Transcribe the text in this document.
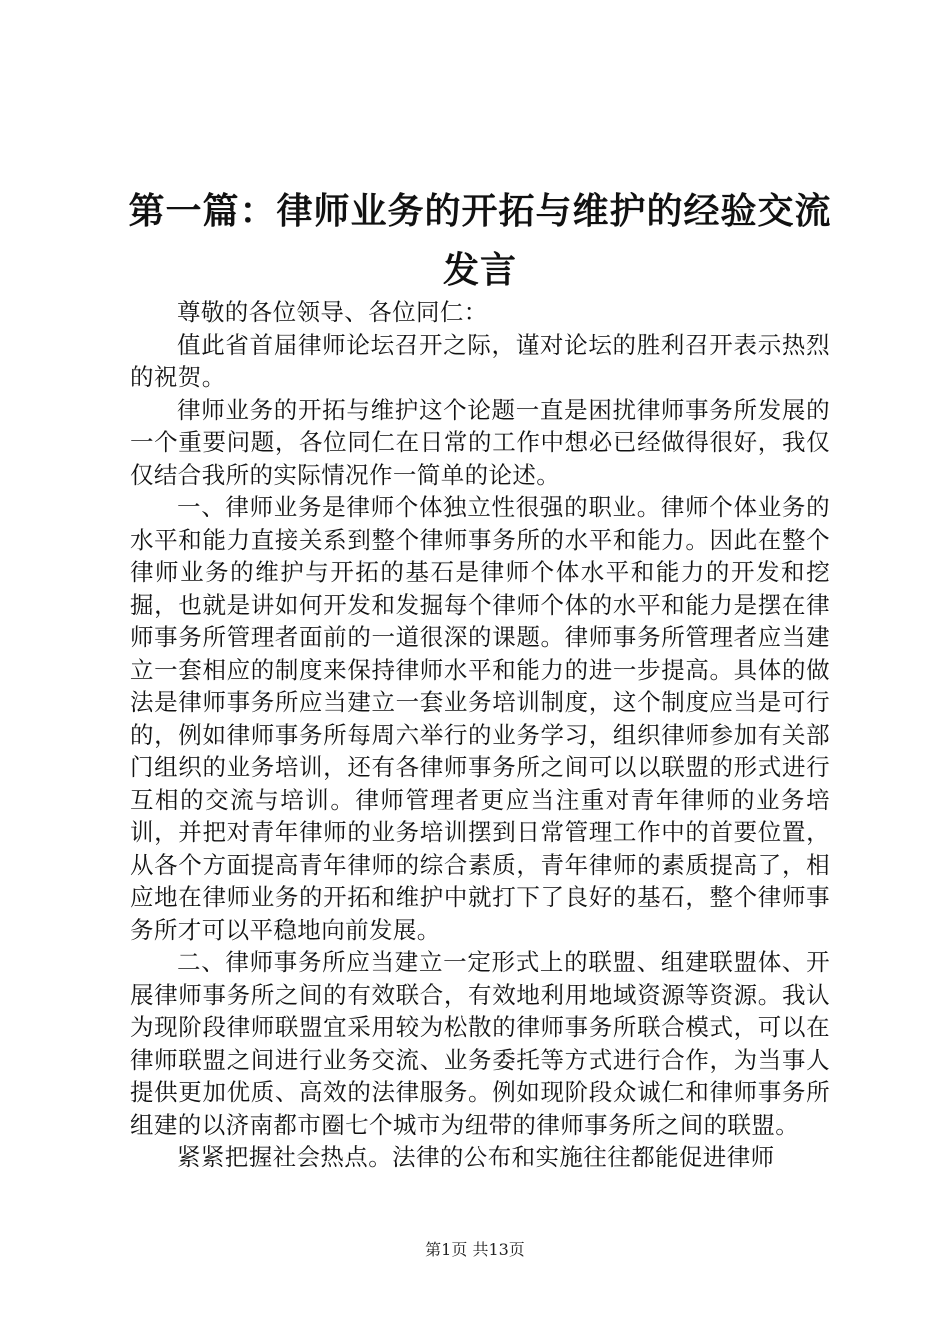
第一篇：律师业务的开拓与维护的经验交流发言

尊敬的各位领导、各位同仁：

值此省首届律师论坛召开之际，谨对论坛的胜利召开表示热烈的祝贺。

律师业务的开拓与维护这个论题一直是困扰律师事务所发展的一个重要问题，各位同仁在日常的工作中想必已经做得很好，我仅仅结合我所的实际情况作一简单的论述。

一、律师业务是律师个体独立性很强的职业。律师个体业务的水平和能力直接关系到整个律师事务所的水平和能力。因此在整个律师业务的维护与开拓的基石是律师个体水平和能力的开发和挖掘，也就是讲如何开发和发掘每个律师个体的水平和能力是摆在律师事务所管理者面前的一道很深的课题。律师事务所管理者应当建立一套相应的制度来保持律师水平和能力的进一步提高。具体的做法是律师事务所应当建立一套业务培训制度，这个制度应当是可行的，例如律师事务所每周六举行的业务学习，组织律师参加有关部门组织的业务培训，还有各律师事务所之间可以以联盟的形式进行互相的交流与培训。律师管理者更应当注重对青年律师的业务培训，并把对青年律师的业务培训摆到日常管理工作中的首要位置，从各个方面提高青年律师的综合素质，青年律师的素质提高了，相应地在律师业务的开拓和维护中就打下了良好的基石，整个律师事务所才可以平稳地向前发展。

二、律师事务所应当建立一定形式上的联盟、组建联盟体、开展律师事务所之间的有效联合，有效地利用地域资源等资源。我认为现阶段律师联盟宜采用较为松散的律师事务所联合模式，可以在律师联盟之间进行业务交流、业务委托等方式进行合作，为当事人提供更加优质、高效的法律服务。例如现阶段众诚仁和律师事务所组建的以济南都市圈七个城市为纽带的律师事务所之间的联盟。

紧紧把握社会热点。法律的公布和实施往往都能促进律师

第1页 共13页
